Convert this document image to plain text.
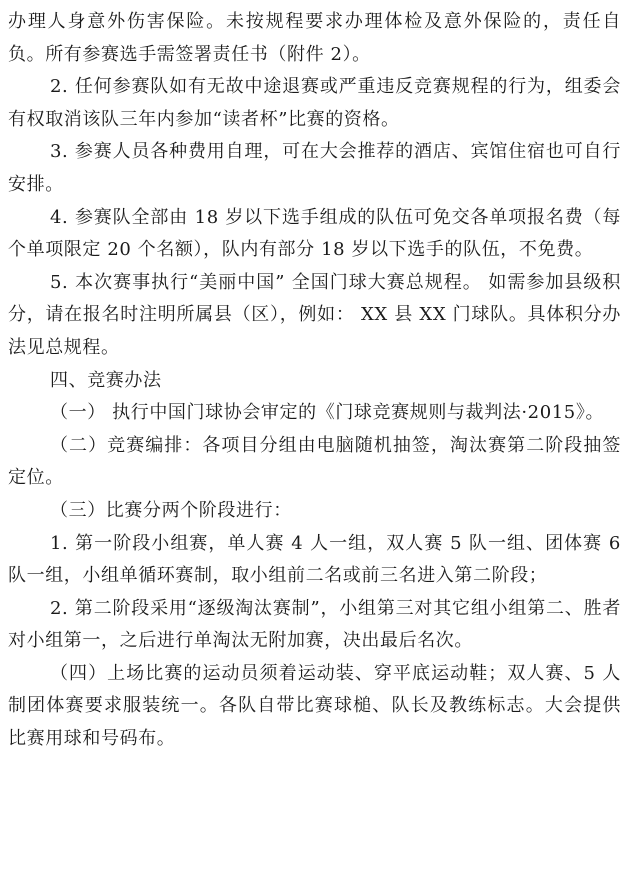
办理人身意外伤害保险。未按规程要求办理体检及意外保险的，责任自负。所有参赛选手需签署责任书（附件 2）。

2. 任何参赛队如有无故中途退赛或严重违反竞赛规程的行为，组委会有权取消该队三年内参加“读者杯”比赛的资格。

3. 参赛人员各种费用自理，可在大会推荐的酒店、宾馆住宿也可自行安排。

4. 参赛队全部由 18 岁以下选手组成的队伍可免交各单项报名费（每个单项限定 20 个名额），队内有部分 18 岁以下选手的队伍，不免费。

5. 本次赛事执行“美丽中国” 全国门球大赛总规程。 如需参加县级积分，请在报名时注明所属县（区），例如： XX 县 XX 门球队。具体积分办法见总规程。

四、竞赛办法

（一） 执行中国门球协会审定的《门球竞赛规则与裁判法·2015》。

（二）竞赛编排：各项目分组由电脑随机抽签，淘汰赛第二阶段抽签定位。

（三）比赛分两个阶段进行：

1. 第一阶段小组赛，单人赛 4 人一组，双人赛 5 队一组、团体赛 6 队一组，小组单循环赛制，取小组前二名或前三名进入第二阶段；

2. 第二阶段采用“逐级淘汰赛制”，小组第三对其它组小组第二、胜者对小组第一，之后进行单淘汰无附加赛，决出最后名次。

（四）上场比赛的运动员须着运动装、穿平底运动鞋；双人赛、5 人制团体赛要求服装统一。各队自带比赛球槌、队长及教练标志。大会提供比赛用球和号码布。
